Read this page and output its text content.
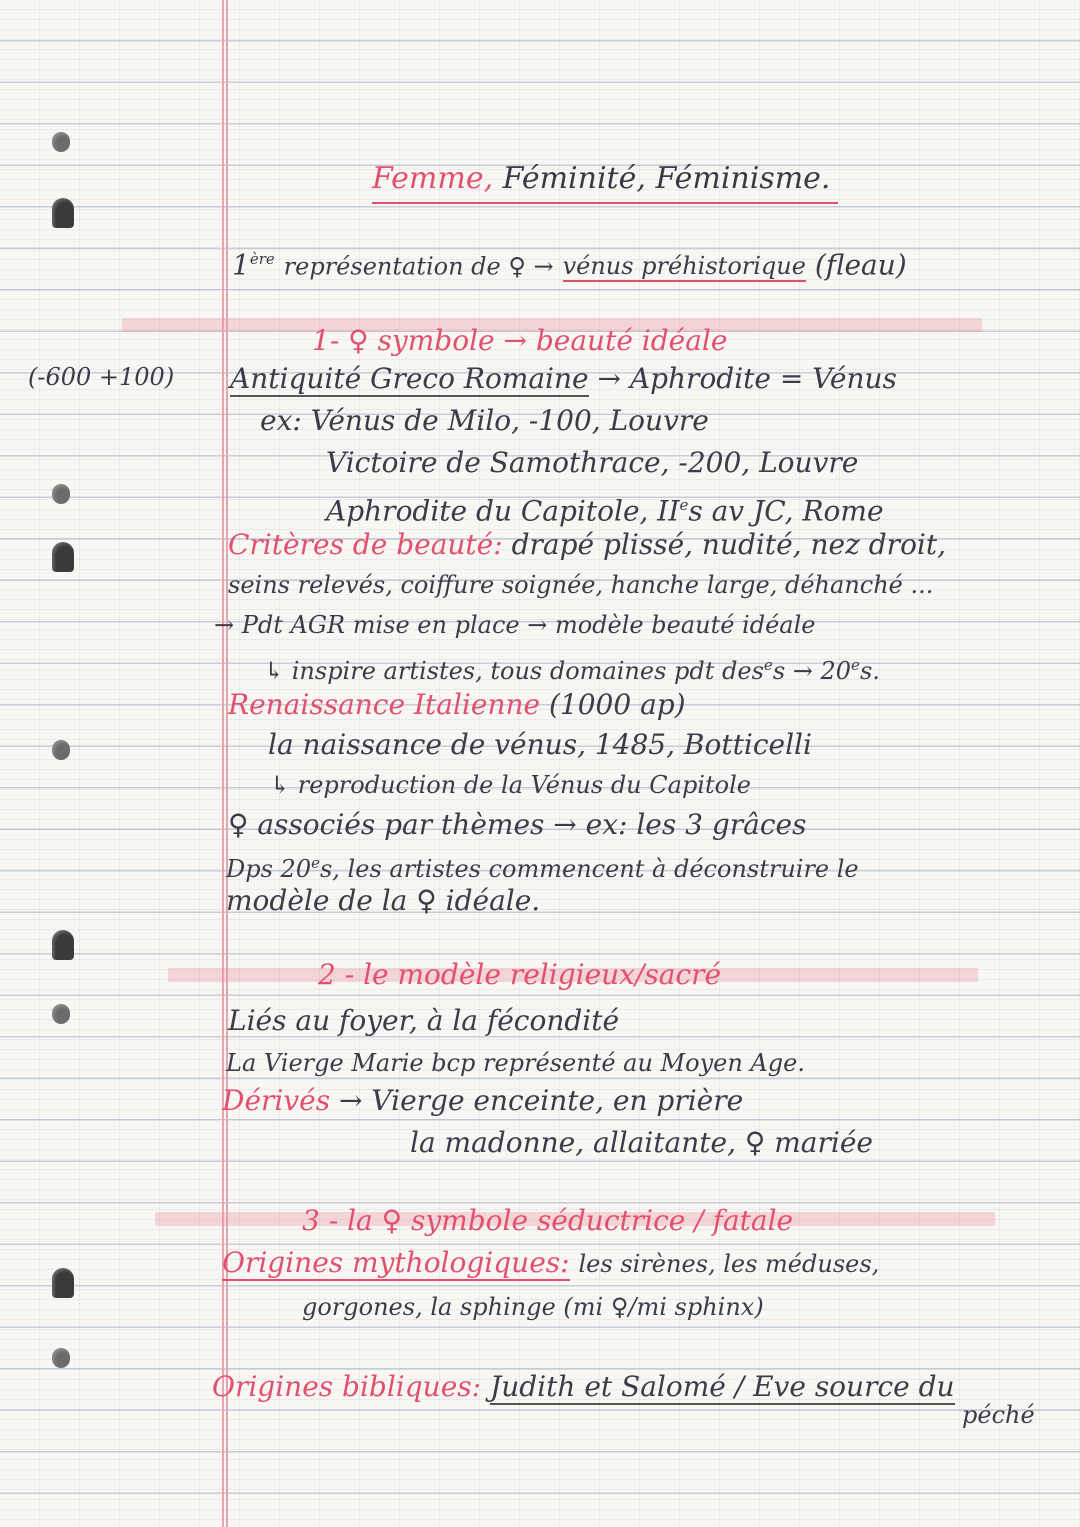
Femme, Féminité, Féminisme.
1ère représentation de ♀ → vénus préhistorique (fleau)
1- ♀ symbole → beauté idéale
(-600 +100) Antiquité Greco Romaine → Aphrodite = Vénus
ex: Vénus de Milo, -100, Louvre
Victoire de Samothrace, -200, Louvre
Aphrodite du Capitole, IIes av JC, Rome
Critères de beauté: drapé plissé, nudité, nez droit,
seins relevés, coiffure soignée, hanche large, déhanché ...
→ Pdt AGR mise en place → modèle beauté idéale
↳ inspire artistes, tous domaines pdt $des^es \to 20^es$.
Renaissance Italienne (1000 ap)
la naissance de vénus, 1485, Botticelli
↳ reproduction de la Vénus du Capitole
♀ associés par thèmes → ex: les 3 grâces
Dps 20es, les artistes commencent à déconstruire le
modèle de la ♀ idéale.
2 - le modèle religieux/sacré
Liés au foyer, à la fécondité
La Vierge Marie bcp représenté au Moyen Age.
Dérivés → Vierge enceinte, en prière
la madonne, allaitante, ♀ mariée
3 - la ♀ symbole séductrice / fatale
Origines mythologiques: les sirènes, les méduses,
gorgones, la sphinge (mi ♀/mi sphinx)
Origines bibliques: Judith et Salomé / Eve source du
péché
